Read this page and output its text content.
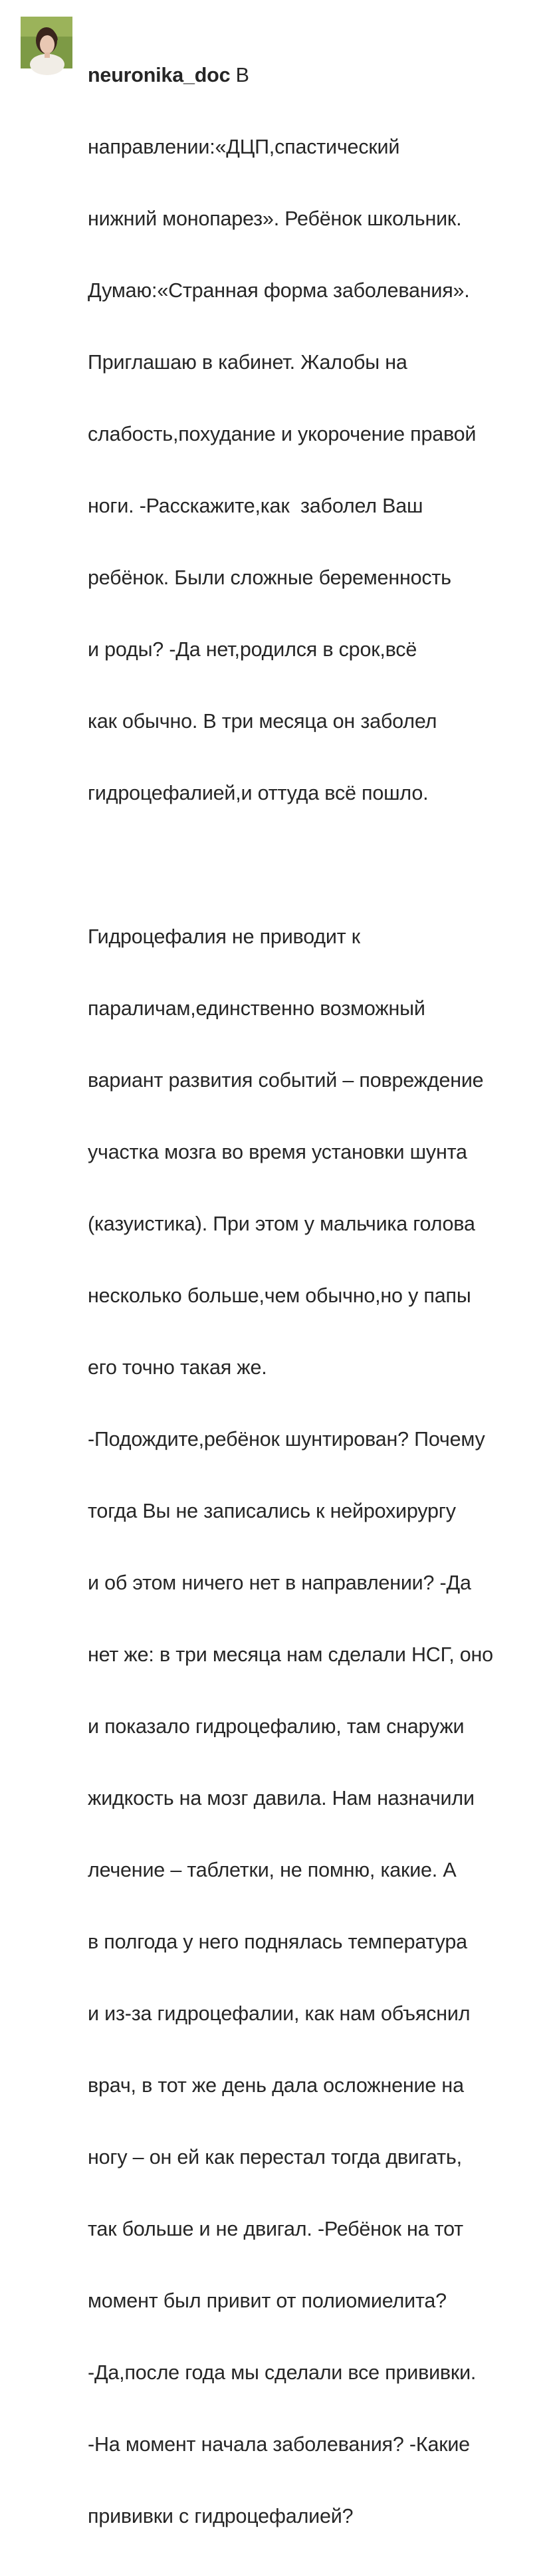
neuronika_doc В

направлении:«ДЦП,спастический

нижний монопарез». Ребёнок школьник.

Думаю:«Странная форма заболевания».

Приглашаю в кабинет. Жалобы на

слабость,похудание и укорочение правой

ноги. -Расскажите,как  заболел Ваш

ребёнок. Были сложные беременность

и роды? -Да нет,родился в срок,всё

как обычно. В три месяца он заболел

гидроцефалией,и оттуда всё пошло.

Гидроцефалия не приводит к

параличам,единственно возможный

вариант развития событий – повреждение

участка мозга во время установки шунта

(казуистика). При этом у мальчика голова

несколько больше,чем обычно,но у папы

его точно такая же.

-Подождите,ребёнок шунтирован? Почему

тогда Вы не записались к нейрохирургу

и об этом ничего нет в направлении? -Да

нет же: в три месяца нам сделали НСГ, оно

и показало гидроцефалию, там снаружи

жидкость на мозг давила. Нам назначили

лечение – таблетки, не помню, какие. А

в полгода у него поднялась температура

и из-за гидроцефалии, как нам объяснил

врач, в тот же день дала осложнение на

ногу – он ей как перестал тогда двигать,

так больше и не двигал. -Ребёнок на тот

момент был привит от полиомиелита?

-Да,после года мы сделали все прививки.

-На момент начала заболевания? -Какие

прививки с гидроцефалией?
